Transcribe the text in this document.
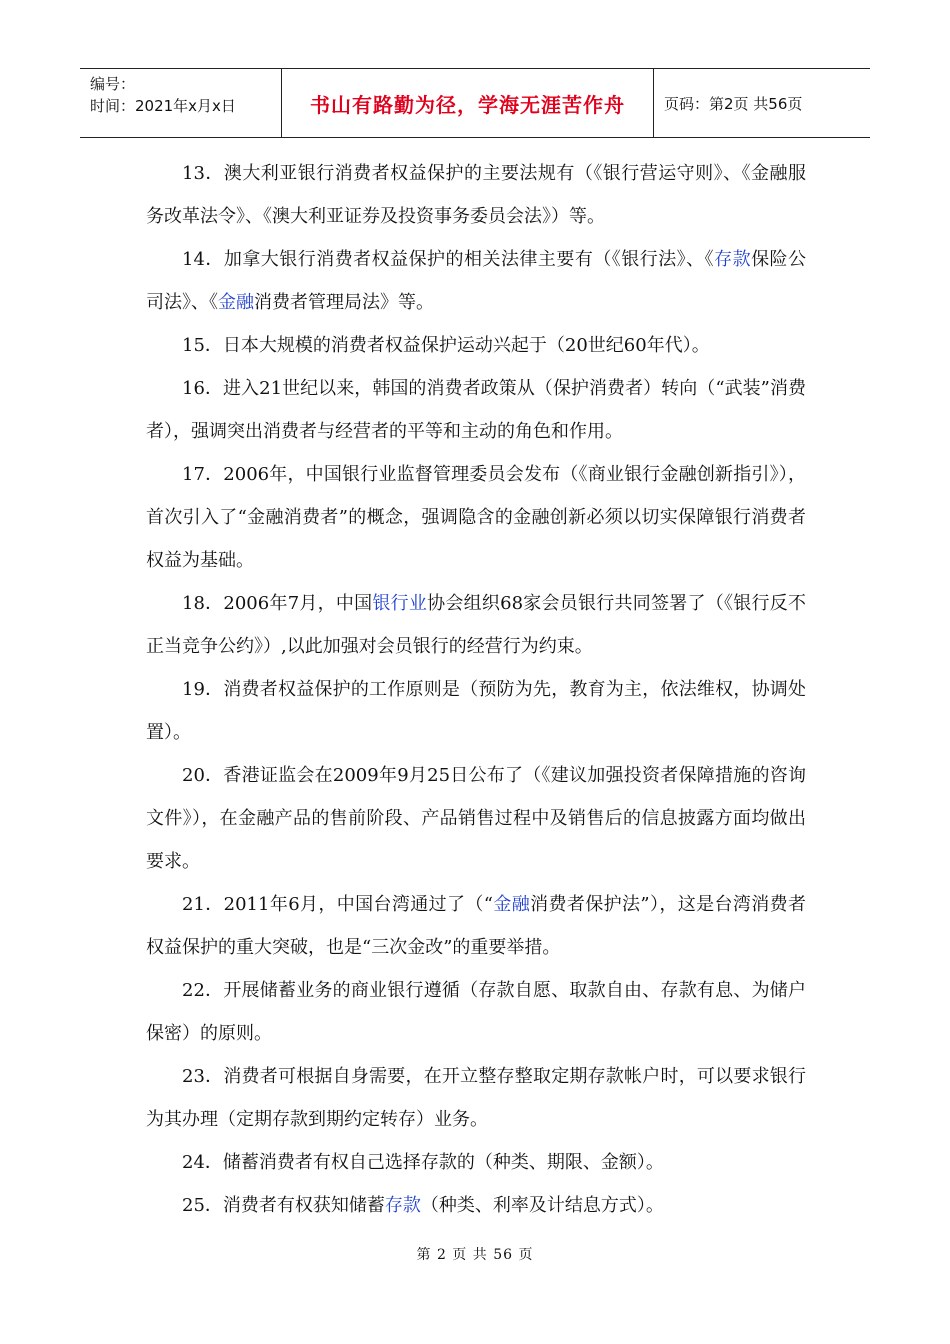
编号：
时间：2021年x月x日	书山有路勤为径，学海无涯苦作舟	页码：第2页 共56页

13．澳大利亚银行消费者权益保护的主要法规有（《银行营运守则》、《金融服务改革法令》、《澳大利亚证券及投资事务委员会法》）等。

14．加拿大银行消费者权益保护的相关法律主要有（《银行法》、《存款保险公司法》、《金融消费者管理局法》等。

15．日本大规模的消费者权益保护运动兴起于（20世纪60年代）。

16．进入21世纪以来，韩国的消费者政策从（保护消费者）转向（“武装”消费者），强调突出消费者与经营者的平等和主动的角色和作用。

17．2006年，中国银行业监督管理委员会发布（《商业银行金融创新指引》），首次引入了“金融消费者”的概念，强调隐含的金融创新必须以切实保障银行消费者权益为基础。

18．2006年7月，中国银行业协会组织68家会员银行共同签署了（《银行反不正当竞争公约》）,以此加强对会员银行的经营行为约束。

19．消费者权益保护的工作原则是（预防为先，教育为主，依法维权，协调处置）。

20．香港证监会在2009年9月25日公布了（《建议加强投资者保障措施的咨询文件》），在金融产品的售前阶段、产品销售过程中及销售后的信息披露方面均做出要求。

21．2011年6月，中国台湾通过了（“金融消费者保护法”），这是台湾消费者权益保护的重大突破，也是“三次金改”的重要举措。

22．开展储蓄业务的商业银行遵循（存款自愿、取款自由、存款有息、为储户保密）的原则。

23．消费者可根据自身需要，在开立整存整取定期存款帐户时，可以要求银行为其办理（定期存款到期约定转存）业务。

24．储蓄消费者有权自己选择存款的（种类、期限、金额）。

25．消费者有权获知储蓄存款（种类、利率及计结息方式）。

第 2 页 共 56 页
